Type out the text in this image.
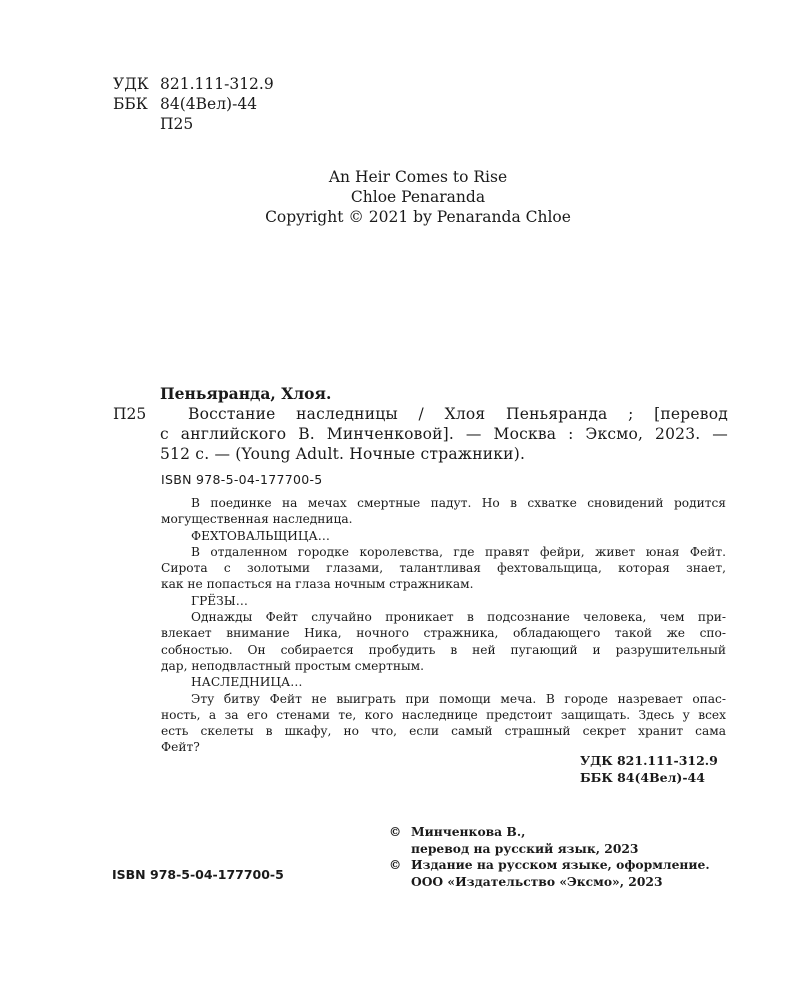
УДК 821.111-312.9
ББК 84(4Вел)-44
П25
An Heir Comes to Rise
Chloe Penaranda
Copyright © 2021 by Penaranda Chloe
Пеньяранда, Хлоя.
П25	Восстание наследницы / Хлоя Пеньяранда ; [перевод

с английского В. Минченковой]. — Москва : Эксмо, 2023. —

512 с. — (Young Adult. Ночные стражники).

ISBN 978-5-04-177700-5

В поединке на мечах смертные падут. Но в схватке сновидений родится

могущественная наследница.

ФЕХТОВАЛЬЩИЦА…

В отдаленном городке королевства, где правят фейри, живет юная Фейт.

Сирота с золотыми глазами, талантливая фехтовальщица, которая знает,

как не попасться на глаза ночным стражникам.

ГРЁЗЫ…

Однажды Фейт случайно проникает в подсознание человека, чем при-

влекает внимание Ника, ночного стражника, обладающего такой же спо-

собностью. Он собирается пробудить в ней пугающий и разрушительный

дар, неподвластный простым смертным.

НАСЛЕДНИЦА…

Эту битву Фейт не выиграть при помощи меча. В городе назревает опас-

ность, а за его стенами те, кого наследнице предстоит защищать. Здесь у всех

есть скелеты в шкафу, но что, если самый страшный секрет хранит сама

Фейт?

УДК 821.111-312.9
ББК 84(4Вел)-44
© Минченкова В.,
перевод на русский язык, 2023
© Издание на русском языке, оформление.
ООО «Издательство «Эксмо», 2023
ISBN 978-5-04-177700-5
